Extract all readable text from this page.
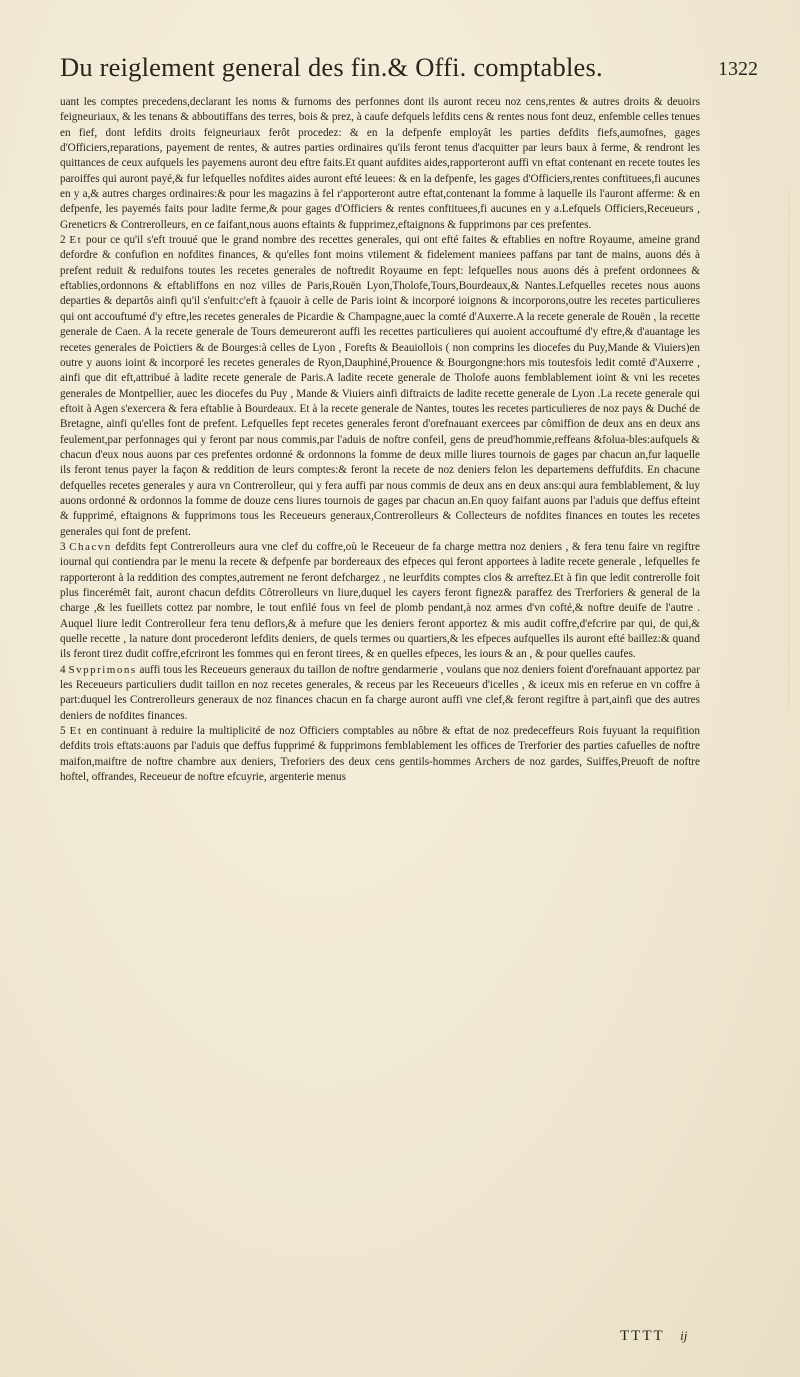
Du reiglement general des fin.& Offi. comptables.	1322

uant les comptes precedens,declarant les noms & furnoms des perfonnes dont ils auront receu noz cens,rentes & autres droits & deuoirs feigneuriaux, & les tenans & abboutiffans des terres, bois & prez, à caufe defquels lefdits cens & rentes nous font deuz, enfemble celles tenues en fief, dont lefdits droits feigneuriaux ferôt procedez: & en la defpenfe employât les parties defdits fiefs,aumofnes, gages d'Officiers,reparations, payement de rentes, & autres parties ordinaires qu'ils feront tenus d'acquitter par leurs baux à ferme, & rendront les quittances de ceux aufquels les payemens auront deu eftre faits.Et quant aufdites aides,rapporteront auffi vn eftat contenant en recete toutes les paroiffes qui auront payé,& fur lefquelles nofdites aides auront efté leuees: & en la defpenfe, les gages d'Officiers,rentes conftituees,fi aucunes en y a,& autres charges ordinaires:& pour les magazins à fel r'apporteront autre eftat,contenant la fomme à laquelle ils l'auront afferme: & en defpenfe, les payemés faits pour ladite ferme,& pour gages d'Officiers & rentes conftituees,fi aucunes en y a.Lefquels Officiers,Receueurs , Greneticrs & Contrerolleurs, en ce faifant,nous auons eftaints & fupprimez,eftaignons & fupprimons par ces prefentes.

2 Et pour ce qu'il s'eft trouué que le grand nombre des recettes generales, qui ont efté faites & eftablies en noftre Royaume, ameine grand defordre & confufion en nofdites finances, & qu'elles font moins vtilement & fidelement maniees paffans par tant de mains, auons dés à prefent reduit & reduifons toutes les recetes generales de noftredit Royaume en fept: lefquelles nous auons dés à prefent ordonnees & eftablies,ordonnons & eftabliffons en noz villes de Paris,Rouën Lyon,Tholofe,Tours,Bourdeaux,& Nantes.Lefquelles recetes nous auons departies & departôs ainfi qu'il s'enfuit:c'eft à fçauoir à celle de Paris ioint & incorporé ioignons & incorporons,outre les recetes particulieres qui ont accouftumé d'y eftre,les recetes generales de Picardie & Champagne,auec la comté d'Auxerre.A la recete generale de Rouën , la recette generale de Caen. A la recete generale de Tours demeureront auffi les recettes particulieres qui auoient accouftumé d'y eftre,& d'auantage les recetes generales de Poictiers & de Bourges:à celles de Lyon , Forefts & Beauiollois ( non comprins les diocefes du Puy,Mande & Viuiers)en outre y auons ioint & incorporé les recetes generales de Ryon,Dauphiné,Prouence & Bourgongne:hors mis toutesfois ledit comté d'Auxerre , ainfi que dit eft,attribué à ladite recete generale de Paris.A ladite recete generale de Tholofe auons femblablement ioint & vni les recetes generales de Montpellier, auec les diocefes du Puy , Mande & Viuiers ainfi diftraicts de ladite recette generale de Lyon .La recete generale qui eftoit à Agen s'exercera & fera eftablie à Bourdeaux. Et à la recete generale de Nantes, toutes les recetes particulieres de noz pays & Duché de Bretagne, ainfi qu'elles font de prefent. Lefquelles fept recetes generales feront d'orefnauant exercees par cômiffion de deux ans en deux ans feulement,par perfonnages qui y feront par nous commis,par l'aduis de noftre confeil, gens de preud'hommie,reffeans &folua-bles:aufquels & chacun d'eux nous auons par ces prefentes ordonné & ordonnons la fomme de deux mille liures tournois de gages par chacun an,fur laquelle ils feront tenus payer la façon & reddition de leurs comptes:& feront la recete de noz deniers felon les departemens deffufdits. En chacune defquelles recetes generales y aura vn Contrerolleur, qui y fera auffi par nous commis de deux ans en deux ans:qui aura femblablement, & luy auons ordonné & ordonnos la fomme de douze cens liures tournois de gages par chacun an.En quoy faifant auons par l'aduis que deffus efteint & fupprimé, eftaignons & fupprimons tous les Receueurs generaux,Contrerolleurs & Collecteurs de nofdites finances en toutes les recetes generales qui font de prefent.

3 Chacvn defdits fept Contrerolleurs aura vne clef du coffre,où le Receueur de fa charge mettra noz deniers , & fera tenu faire vn regiftre iournal qui contiendra par le menu la recete & defpenfe par bordereaux des efpeces qui feront apportees à ladite recete generale , lefquelles fe rapporteront à la reddition des comptes,autrement ne feront defchargez , ne leurfdits comptes clos & arreftez.Et à fin que ledit contrerolle foit plus fincerémêt fait, auront chacun defdits Côtrerolleurs vn liure,duquel les cayers feront fignez& paraffez des Trerforiers & general de la charge ,& les fueillets cottez par nombre, le tout enfilé fous vn feel de plomb pendant,à noz armes d'vn cofté,& noftre deuife de l'autre . Auquel liure ledit Contrerolleur fera tenu deflors,& à mefure que les deniers feront apportez & mis audit coffre,d'efcrire par qui, de qui,& quelle recette , la nature dont procederont lefdits deniers, de quels termes ou quartiers,& les efpeces aufquelles ils auront efté baillez:& quand ils feront tirez dudit coffre,efcriront les fommes qui en feront tirees, & en quelles efpeces, les iours & an , & pour quelles caufes.

4 Svpprimons auffi tous les Receueurs generaux du taillon de noftre gendarmerie , voulans que noz deniers foient d'orefnauant apportez par les Receueurs particuliers dudit taillon en noz recetes generales, & receus par les Receueurs d'icelles , & iceux mis en referue en vn coffre à part:duquel les Contrerolleurs generaux de noz finances chacun en fa charge auront auffi vne clef,& feront regiftre à part,ainfi que des autres deniers de nofdites finances.

5 Et en continuant à reduire la multiplicité de noz Officiers comptables au nôbre & eftat de noz predeceffeurs Rois fuyuant la requifition defdits trois eftats:auons par l'aduis que deffus fupprimé & fupprimons femblablement les offices de Trerforier des parties cafuelles de noftre maifon,maiftre de noftre chambre aux deniers, Treforiers des deux cens gentils-hommes Archers de noz gardes, Suiffes,Preuoft de noftre hoftel, offrandes, Receueur de noftre efcuyrie, argenterie menus

TTTT ij
